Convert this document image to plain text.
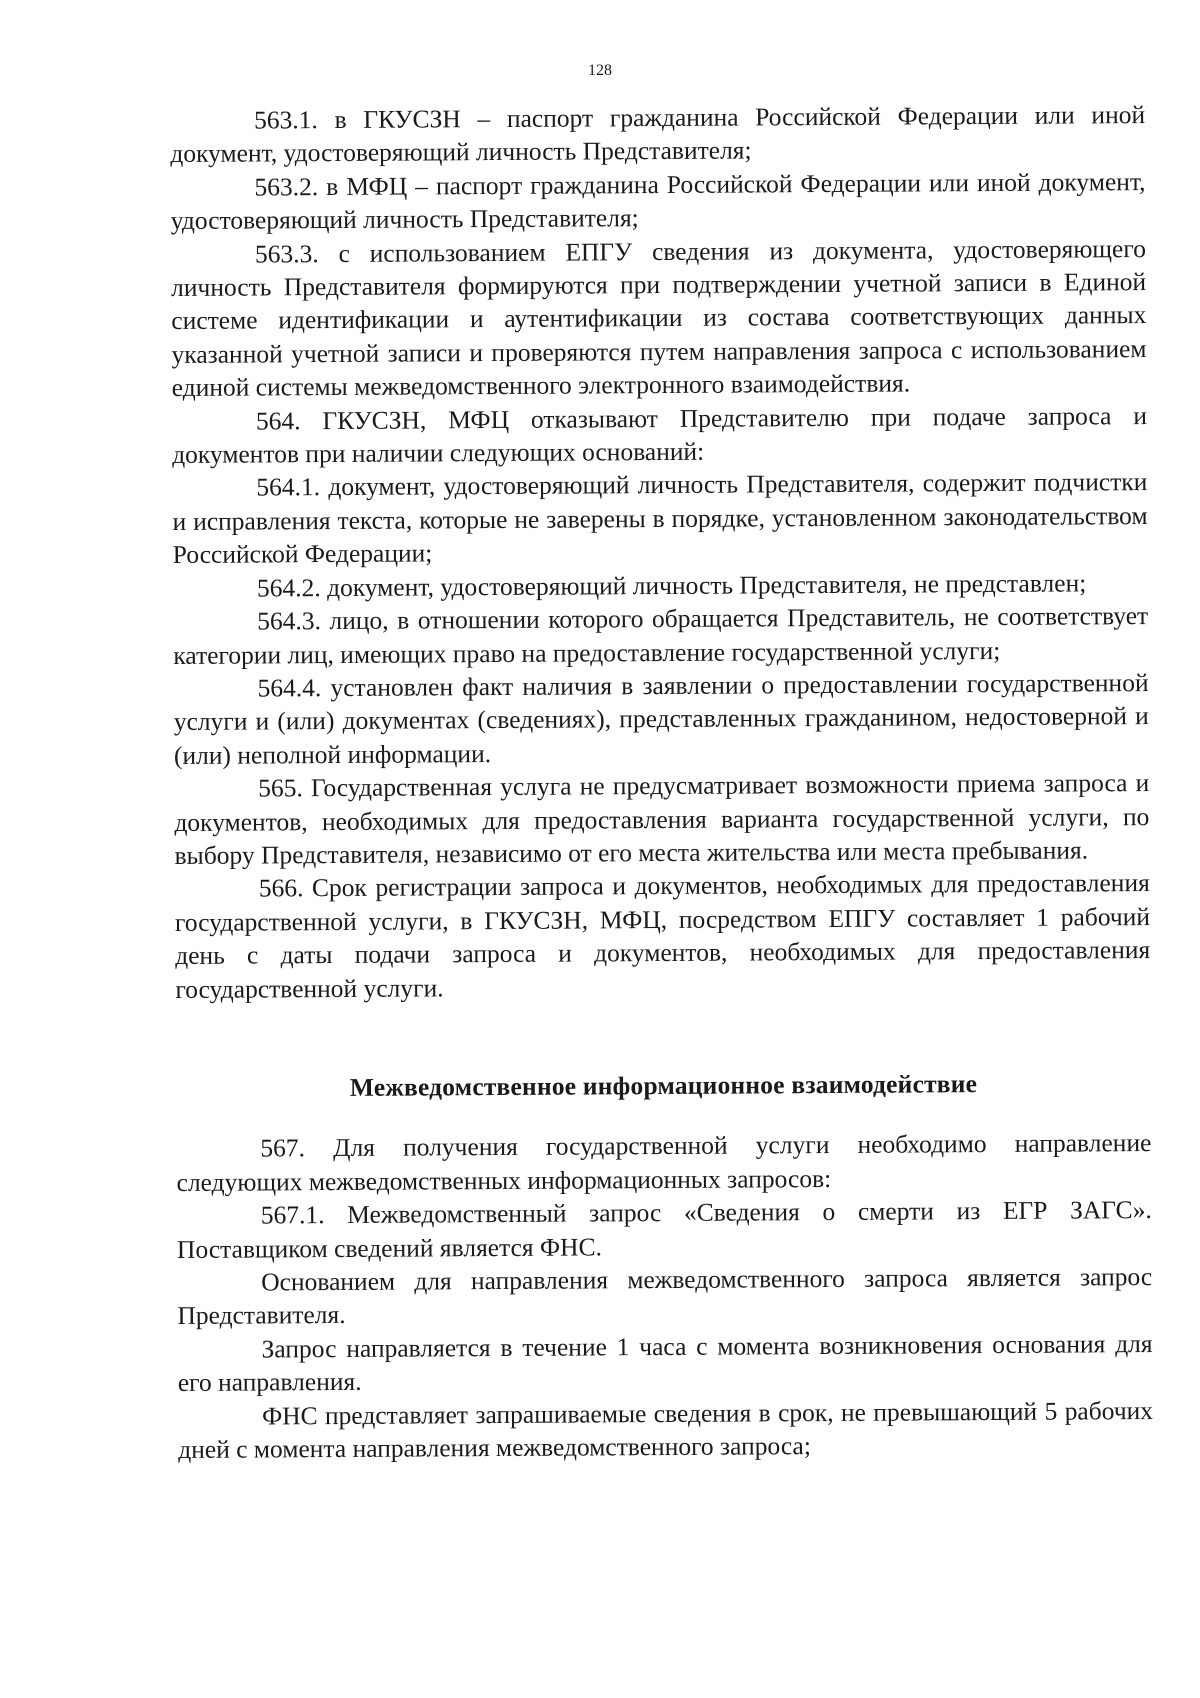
128

563.1. в ГКУСЗН – паспорт гражданина Российской Федерации или иной документ, удостоверяющий личность Представителя;

563.2. в МФЦ – паспорт гражданина Российской Федерации или иной документ, удостоверяющий личность Представителя;

563.3. с использованием ЕПГУ сведения из документа, удостоверяющего личность Представителя формируются при подтверждении учетной записи в Единой системе идентификации и аутентификации из состава соответствующих данных указанной учетной записи и проверяются путем направления запроса с использованием единой системы межведомственного электронного взаимодействия.

564. ГКУСЗН, МФЦ отказывают Представителю при подаче запроса и документов при наличии следующих оснований:

564.1. документ, удостоверяющий личность Представителя, содержит подчистки и исправления текста, которые не заверены в порядке, установленном законодательством Российской Федерации;

564.2. документ, удостоверяющий личность Представителя, не представлен;

564.3. лицо, в отношении которого обращается Представитель, не соответствует категории лиц, имеющих право на предоставление государственной услуги;

564.4. установлен факт наличия в заявлении о предоставлении государственной услуги и (или) документах (сведениях), представленных гражданином, недостоверной и (или) неполной информации.

565. Государственная услуга не предусматривает возможности приема запроса и документов, необходимых для предоставления варианта государственной услуги, по выбору Представителя, независимо от его места жительства или места пребывания.

566. Срок регистрации запроса и документов, необходимых для предоставления государственной услуги, в ГКУСЗН, МФЦ, посредством ЕПГУ составляет 1 рабочий день с даты подачи запроса и документов, необходимых для предоставления государственной услуги.

Межведомственное информационное взаимодействие

567. Для получения государственной услуги необходимо направление следующих межведомственных информационных запросов:

567.1. Межведомственный запрос «Сведения о смерти из ЕГР ЗАГС». Поставщиком сведений является ФНС.

Основанием для направления межведомственного запроса является запрос Представителя.

Запрос направляется в течение 1 часа с момента возникновения основания для его направления.

ФНС представляет запрашиваемые сведения в срок, не превышающий 5 рабочих дней с момента направления межведомственного запроса;
